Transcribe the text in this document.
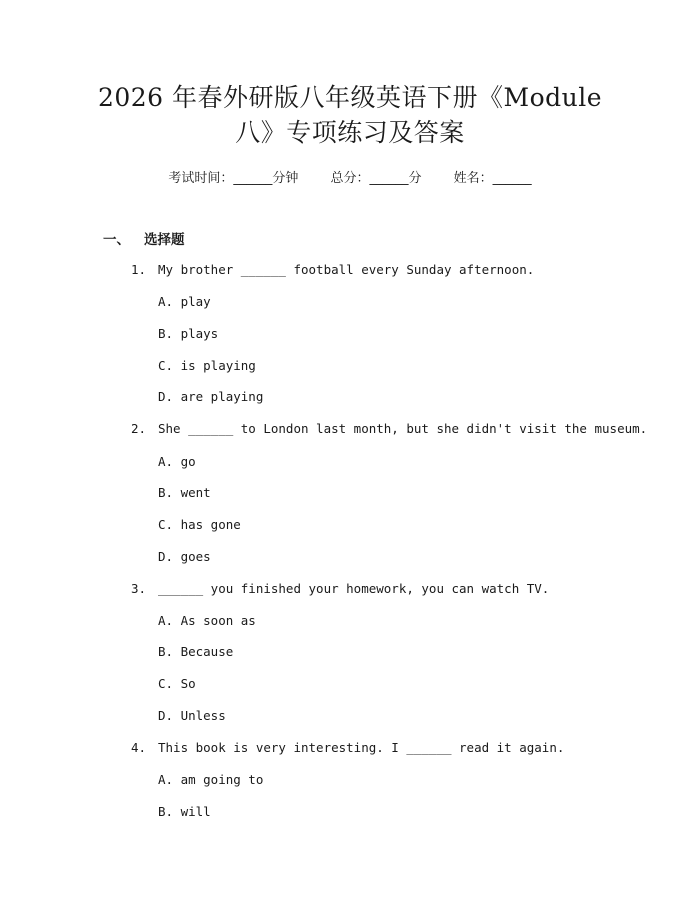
2026 年春外研版八年级英语下册《Module
八》专项练习及答案
考试时间：______分钟 总分：______分 姓名：______
一、 选择题
1. My brother ______ football every Sunday afternoon.
A. play
B. plays
C. is playing
D. are playing
2. She ______ to London last month, but she didn't visit the museum.
A. go
B. went
C. has gone
D. goes
3. ______ you finished your homework, you can watch TV.
A. As soon as
B. Because
C. So
D. Unless
4. This book is very interesting. I ______ read it again.
A. am going to
B. will
